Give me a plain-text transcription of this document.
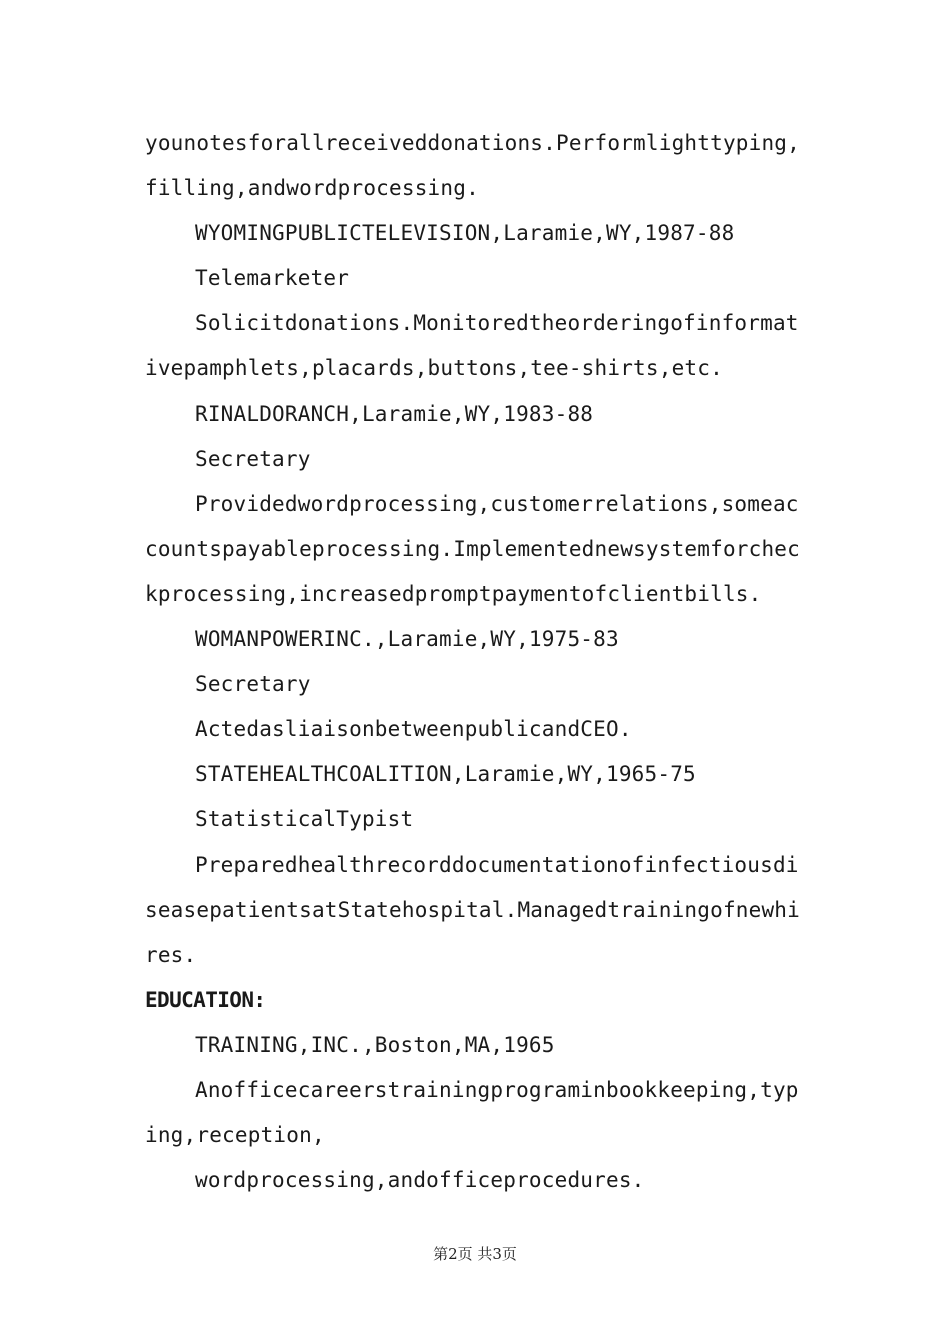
younotesforallreceiveddonations.Performlighttyping,
filling,andwordprocessing.
WYOMINGPUBLICTELEVISION,Laramie,WY,1987-88
Telemarketer
Solicitdonations.Monitoredtheorderingofinformat
ivepamphlets,placards,buttons,tee-shirts,etc.
RINALDORANCH,Laramie,WY,1983-88
Secretary
Providedwordprocessing,customerrelations,someac
countspayableprocessing.Implementednewsystemforchec
kprocessing,increasedpromptpaymentofclientbills.
WOMANPOWERINC.,Laramie,WY,1975-83
Secretary
ActedasliaisonbetweenpublicandCEO.
STATEHEALTHCOALITION,Laramie,WY,1965-75
StatisticalTypist
Preparedhealthrecorddocumentationofinfectiousdi
seasepatientsatStatehospital.Managedtrainingofnewhi
res.
EDUCATION:
TRAINING,INC.,Boston,MA,1965
Anofficecareerstrainingprograminbookkeeping,typ
ing,reception,
wordprocessing,andofficeprocedures.
第2页 共3页
